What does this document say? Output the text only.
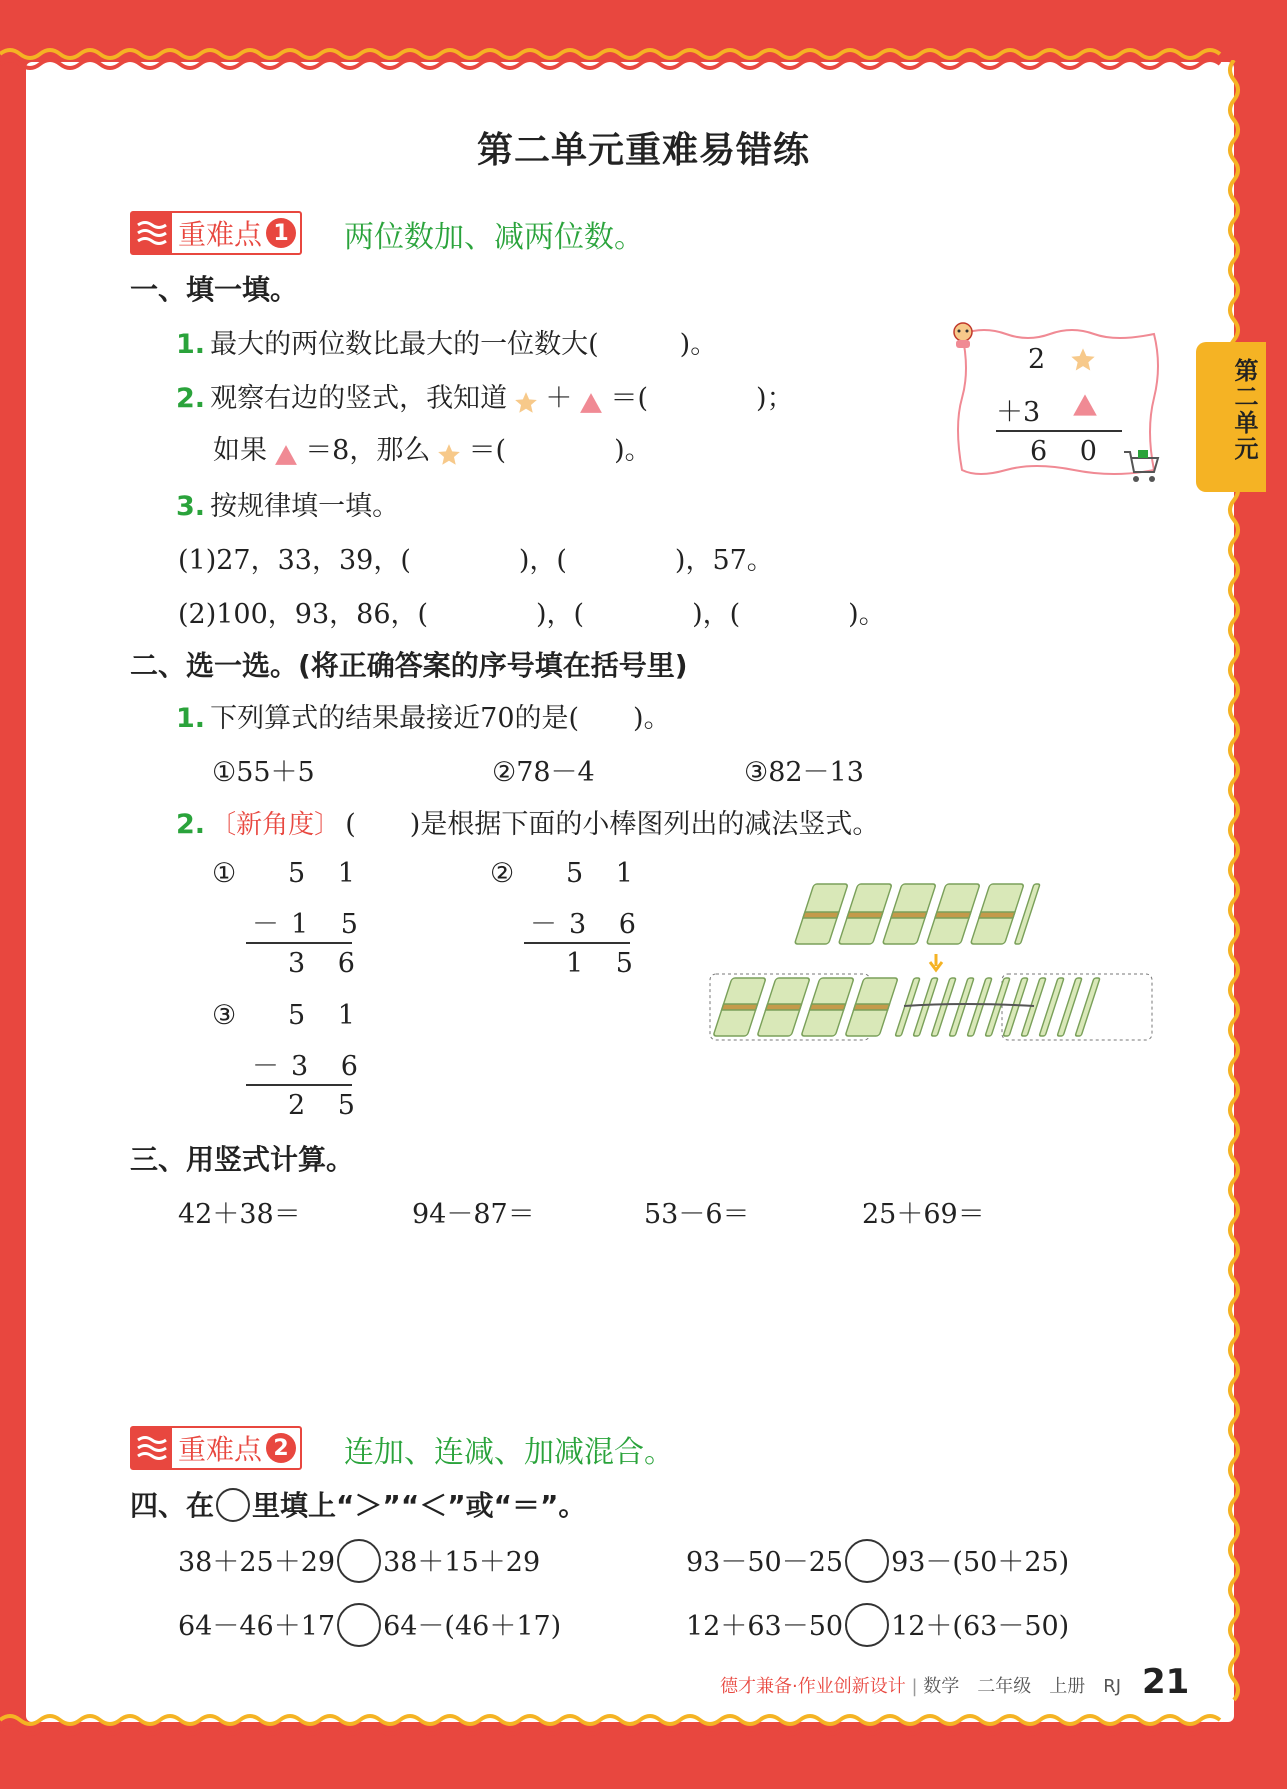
第二单元
第二单元重难易错练
重难点 1 两位数加、减两位数。
一、填一填。
1. 最大的两位数比最大的一位数大(　　　)。
2. 观察右边的竖式，我知道 ＋ ＝(　　　　)；
如果 ＝8，那么 ＝(　　　　)。
2
＋3
6 0
3. 按规律填一填。
(1)27，33，39，(　　　　)，(　　　　)，57。
(2)100，93，86，(　　　　)，(　　　　)，(　　　　)。
二、选一选。(将正确答案的序号填在括号里)
1. 下列算式的结果最接近70的是(　　)。
①55＋5	②78－4	③82－13
2. 〔新角度〕 (　　)是根据下面的小棒图列出的减法竖式。
① 5 1
－1 5
3 6
② 5 1
－3 6
1 5
③ 5 1
－3 6
2 5
三、用竖式计算。
42＋38＝	94－87＝	53－6＝	25＋69＝
重难点 2 连加、连减、加减混合。
四、在 里填上“＞”“＜”或“＝”。
38＋25＋29 38＋15＋29	93－50－25 93－(50＋25)
64－46＋17 64－(46＋17)	12＋63－50 12＋(63－50)
德才兼备·作业创新设计 | 数学　二年级　上册　RJ 21
